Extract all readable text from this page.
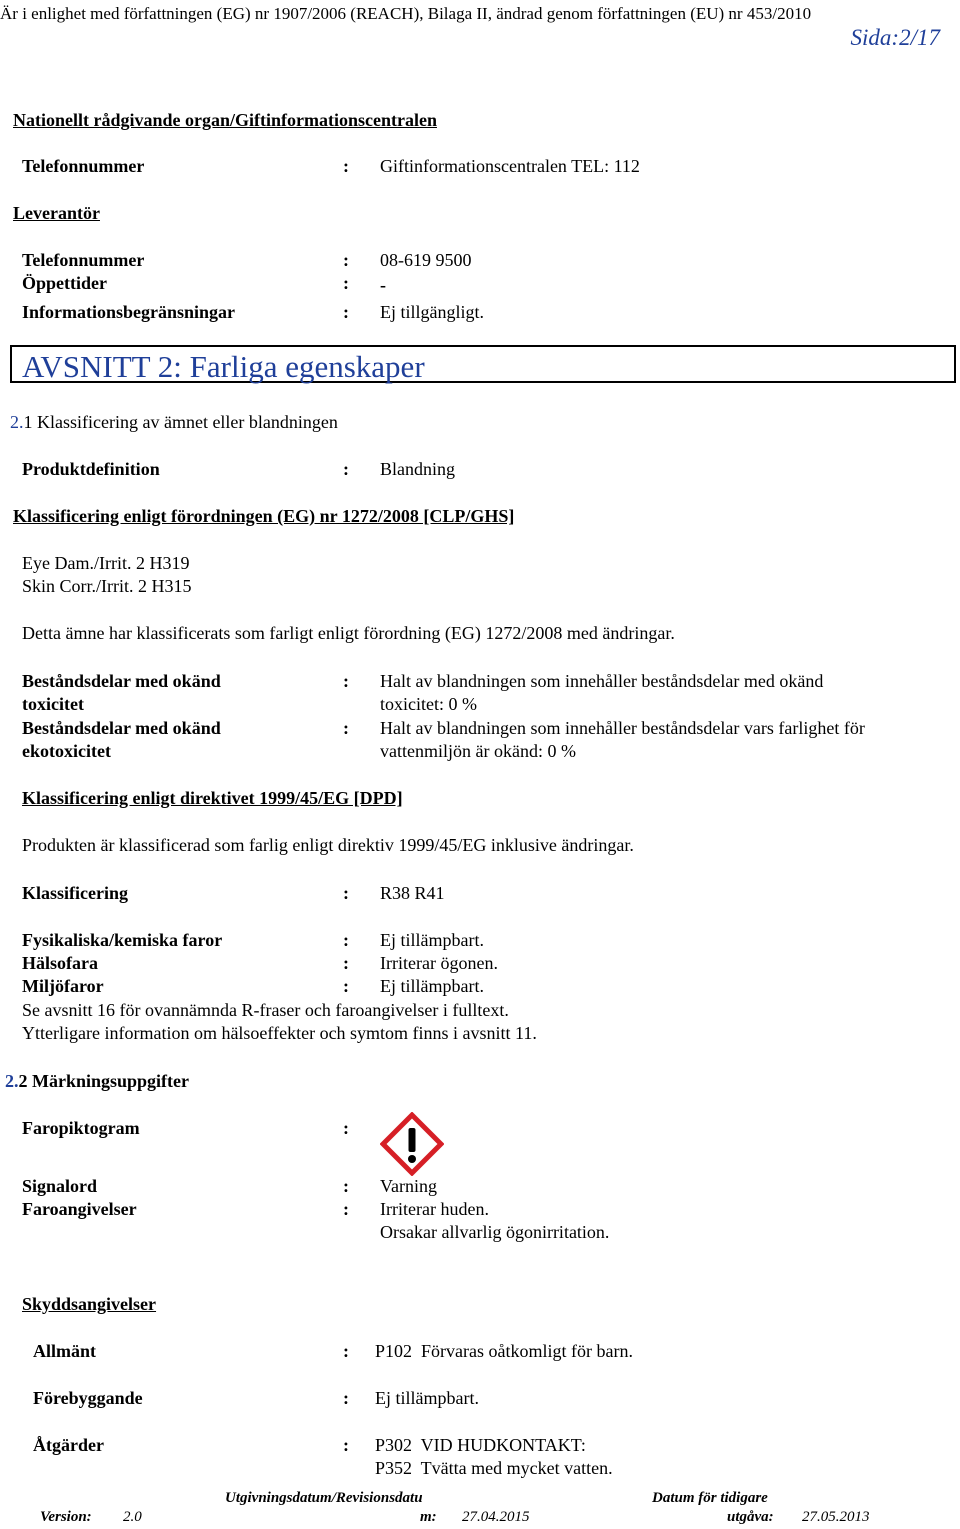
Är i enlighet med författningen (EG) nr 1907/2006 (REACH), Bilaga II, ändrad genom författningen (EU) nr 453/2010
Sida:2/17
Nationellt rådgivande organ/Giftinformationscentralen
Telefonnummer	: Giftinformationscentralen TEL: 112
Leverantör
Telefonnummer	: 08-619 9500
Öppettider	: -
Informationsbegränsningar	: Ej tillgängligt.
AVSNITT 2: Farliga egenskaper
2.1 Klassificering av ämnet eller blandningen
Produktdefinition	: Blandning
Klassificering enligt förordningen (EG) nr 1272/2008 [CLP/GHS]
Eye Dam./Irrit. 2 H319
Skin Corr./Irrit. 2 H315
Detta ämne har klassificerats som farligt enligt förordning (EG) 1272/2008 med ändringar.
Beståndsdelar med okänd
toxicitet
: Halt av blandningen som innehåller beståndsdelar med okänd
toxicitet: 0 %
Beståndsdelar med okänd
ekotoxicitet
: Halt av blandningen som innehåller beståndsdelar vars farlighet för
vattenmiljön är okänd: 0 %
Klassificering enligt direktivet 1999/45/EG [DPD]
Produkten är klassificerad som farlig enligt direktiv 1999/45/EG inklusive ändringar.
Klassificering	: R38 R41
Fysikaliska/kemiska faror	: Ej tillämpbart.
Hälsofara	: Irriterar ögonen.
Miljöfaror	: Ej tillämpbart.
Se avsnitt 16 för ovannämnda R-fraser och faroangivelser i fulltext.
Ytterligare information om hälsoeffekter och symtom finns i avsnitt 11.
2.2 Märkningsuppgifter
Faropiktogram	:
Signalord	: Varning
Faroangivelser	: Irriterar huden.
Orsakar allvarlig ögonirritation.
Skyddsangivelser
Allmänt	: P102  Förvaras oåtkomligt för barn.
Förebyggande	: Ej tillämpbart.
Åtgärder	: P302  VID HUDKONTAKT:
P352  Tvätta med mycket vatten.
Version: 2.0
Utgivningsdatum/Revisionsdatu
m: 27.04.2015
Datum för tidigare
utgåva: 27.05.2013
